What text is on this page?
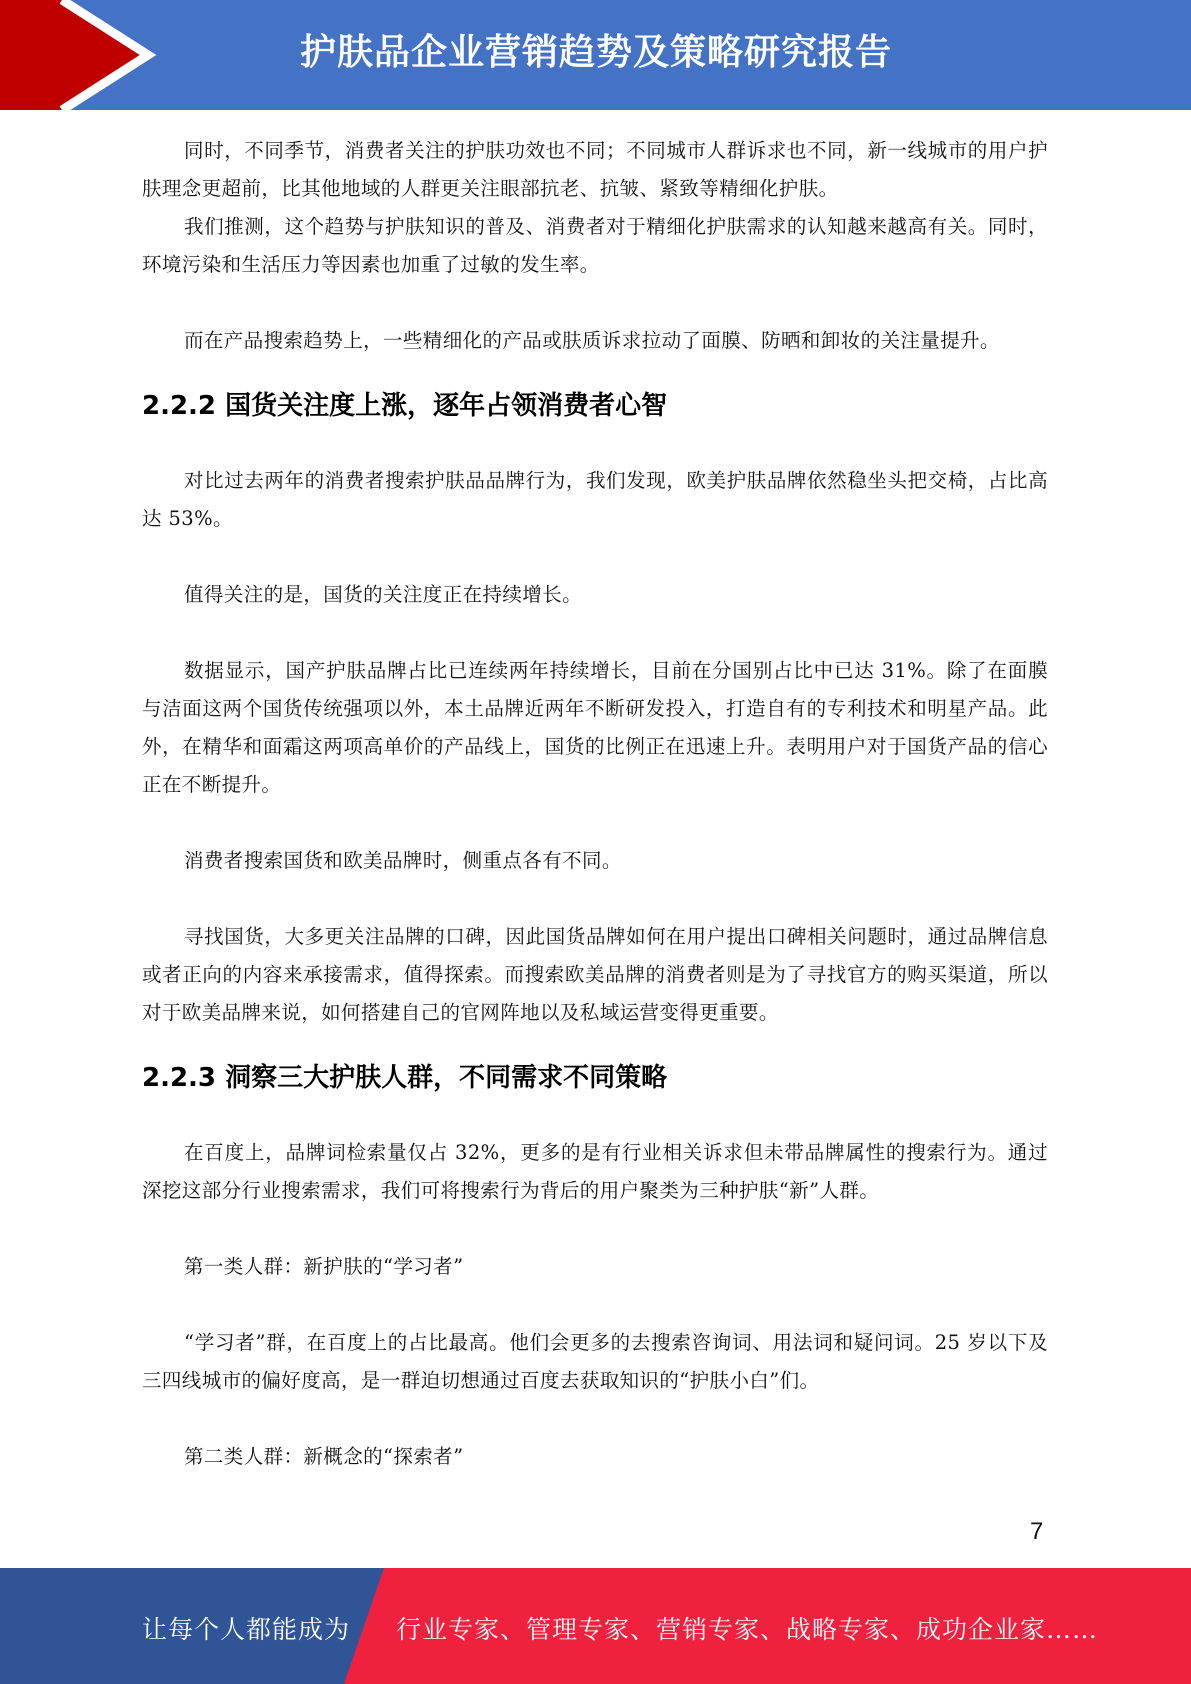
护肤品企业营销趋势及策略研究报告

同时，不同季节，消费者关注的护肤功效也不同；不同城市人群诉求也不同，新一线城市的用户护肤理念更超前，比其他地域的人群更关注眼部抗老、抗皱、紧致等精细化护肤。

我们推测，这个趋势与护肤知识的普及、消费者对于精细化护肤需求的认知越来越高有关。同时，环境污染和生活压力等因素也加重了过敏的发生率。

而在产品搜索趋势上，一些精细化的产品或肤质诉求拉动了面膜、防晒和卸妆的关注量提升。

2.2.2 国货关注度上涨，逐年占领消费者心智

对比过去两年的消费者搜索护肤品品牌行为，我们发现，欧美护肤品牌依然稳坐头把交椅，占比高达 53%。

值得关注的是，国货的关注度正在持续增长。

数据显示，国产护肤品牌占比已连续两年持续增长，目前在分国别占比中已达 31%。除了在面膜与洁面这两个国货传统强项以外，本土品牌近两年不断研发投入，打造自有的专利技术和明星产品。此外，在精华和面霜这两项高单价的产品线上，国货的比例正在迅速上升。表明用户对于国货产品的信心正在不断提升。

消费者搜索国货和欧美品牌时，侧重点各有不同。

寻找国货，大多更关注品牌的口碑，因此国货品牌如何在用户提出口碑相关问题时，通过品牌信息或者正向的内容来承接需求，值得探索。而搜索欧美品牌的消费者则是为了寻找官方的购买渠道，所以对于欧美品牌来说，如何搭建自己的官网阵地以及私域运营变得更重要。

2.2.3 洞察三大护肤人群，不同需求不同策略

在百度上，品牌词检索量仅占 32%，更多的是有行业相关诉求但未带品牌属性的搜索行为。通过深挖这部分行业搜索需求，我们可将搜索行为背后的用户聚类为三种护肤“新”人群。

第一类人群：新护肤的“学习者”

“学习者”群，在百度上的占比最高。他们会更多的去搜索咨询词、用法词和疑问词。25 岁以下及三四线城市的偏好度高，是一群迫切想通过百度去获取知识的“护肤小白”们。

第二类人群：新概念的“探索者”

7
让每个人都能成为 行业专家、管理专家、营销专家、战略专家、成功企业家……
